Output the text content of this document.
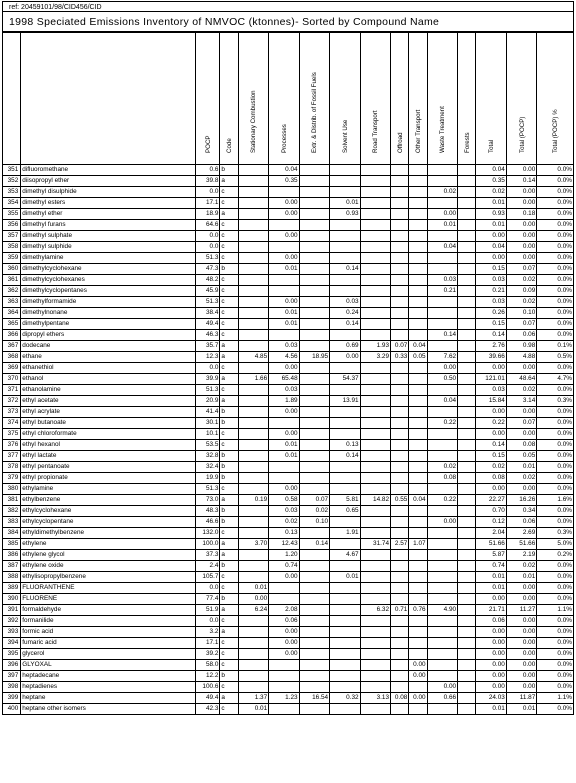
ref: 20459101/98/CID456/CID
1998 Speciated Emissions Inventory of NMVOC (ktonnes)- Sorted by Compound Name

		POCP	Code	Stationary Combustion	Processes	Extr. & Distrib. of Fossil Fuels	Solvent Use	Road Transport	Offroad	Other Transport	Waste Treatment	Forests	Total	Total (POCP)	Total (POCP) %

351	difluoromethane	0.6	b		0.04								0.04	0.00	0.0%
352	diisopropyl ether	39.8	a		0.35								0.35	0.14	0.0%
353	dimethyl disulphide	0.0	c								0.02		0.02	0.00	0.0%
354	dimethyl esters	17.1	c		0.00		0.01						0.01	0.00	0.0%
355	dimethyl ether	18.9	a		0.00		0.93				0.00		0.93	0.18	0.0%
356	dimethyl furans	64.6	c								0.01		0.01	0.00	0.0%
357	dimethyl sulphate	0.0	c		0.00								0.00	0.00	0.0%
358	dimethyl sulphide	0.0	c								0.04		0.04	0.00	0.0%
359	dimethylamine	51.3	c		0.00								0.00	0.00	0.0%
360	dimethylcyclohexane	47.3	b		0.01		0.14						0.15	0.07	0.0%
361	dimethylcyclohexanes	48.2	c								0.03		0.03	0.02	0.0%
362	dimethylcyclopentanes	45.9	c								0.21		0.21	0.09	0.0%
363	dimethylformamide	51.3	c		0.00		0.03						0.03	0.02	0.0%
364	dimethylnonane	38.4	c		0.01		0.24						0.26	0.10	0.0%
365	dimethylpentane	49.4	c		0.01		0.14						0.15	0.07	0.0%
366	dipropyl ethers	46.3	c								0.14		0.14	0.06	0.0%
367	dodecane	35.7	a		0.03		0.69	1.93	0.07	0.04			2.76	0.98	0.1%
368	ethane	12.3	a	4.85	4.56	18.95	0.00	3.29	0.33	0.05	7.62		39.66	4.88	0.5%
369	ethanethiol	0.0	c		0.00						0.00		0.00	0.00	0.0%
370	ethanol	39.9	a	1.66	65.48		54.37				0.50		121.01	48.64	4.7%
371	ethanolamine	51.3	c		0.03								0.03	0.02	0.0%
372	ethyl acetate	20.9	a		1.89		13.91				0.04		15.84	3.14	0.3%
373	ethyl acrylate	41.4	b		0.00								0.00	0.00	0.0%
374	ethyl butanoate	30.1	b								0.22		0.22	0.07	0.0%
375	ethyl chloroformate	10.1	c		0.00								0.00	0.00	0.0%
376	ethyl hexanol	53.5	c		0.01		0.13						0.14	0.08	0.0%
377	ethyl lactate	32.8	b		0.01		0.14						0.15	0.05	0.0%
378	ethyl pentanoate	32.4	b								0.02		0.02	0.01	0.0%
379	ethyl propionate	19.9	b								0.08		0.08	0.02	0.0%
380	ethylamine	51.3	c		0.00								0.00	0.00	0.0%
381	ethylbenzene	73.0	a	0.19	0.58	0.07	5.81	14.82	0.55	0.04	0.22		22.27	16.26	1.6%
382	ethylcyclohexane	48.3	b		0.03	0.02	0.65						0.70	0.34	0.0%
383	ethylcyclopentane	46.6	b		0.02	0.10					0.00		0.12	0.06	0.0%
384	ethyldimethylbenzene	132.0	c		0.13		1.91						2.04	2.69	0.3%
385	ethylene	100.0	a	3.70	12.43	0.14		31.74	2.57	1.07			51.66	51.66	5.0%
386	ethylene glycol	37.3	a		1.20		4.67						5.87	2.19	0.2%
387	ethylene oxide	2.4	b		0.74								0.74	0.02	0.0%
388	ethylisopropylbenzene	105.7	c		0.00		0.01						0.01	0.01	0.0%
389	FLUORANTHENE	0.0	c	0.01									0.01	0.00	0.0%
390	FLUORENE	77.4	b	0.00									0.00	0.00	0.0%
391	formaldehyde	51.9	a	6.24	2.08			6.32	0.71	0.76	4.90		21.71	11.27	1.1%
392	formanilide	0.0	c		0.06								0.06	0.00	0.0%
393	formic acid	3.2	a		0.00								0.00	0.00	0.0%
394	fumaric acid	17.1	c		0.00								0.00	0.00	0.0%
395	glycerol	39.2	c		0.00								0.00	0.00	0.0%
396	GLYOXAL	58.0	c							0.00			0.00	0.00	0.0%
397	heptadecane	12.2	b							0.00			0.00	0.00	0.0%
398	heptadienes	100.6	c								0.00		0.00	0.00	0.0%
399	heptane	49.4	a	1.37	1.23	16.54	0.32	3.13	0.08	0.00	0.66		24.03	11.87	1.1%
400	heptane other isomers	42.3	c	0.01									0.01	0.01	0.0%
